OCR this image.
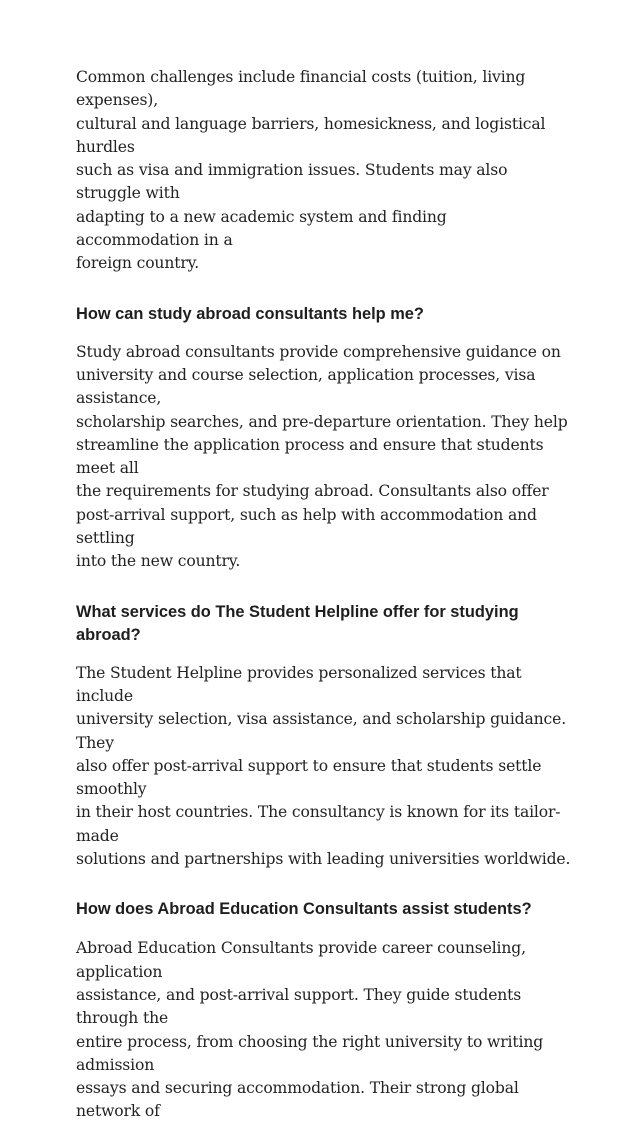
Common challenges include financial costs (tuition, living expenses),
cultural and language barriers, homesickness, and logistical hurdles
such as visa and immigration issues. Students may also struggle with
adapting to a new academic system and finding accommodation in a
foreign country.

How can study abroad consultants help me?

Study abroad consultants provide comprehensive guidance on
university and course selection, application processes, visa assistance,
scholarship searches, and pre-departure orientation. They help
streamline the application process and ensure that students meet all
the requirements for studying abroad. Consultants also offer
post-arrival support, such as help with accommodation and settling
into the new country.

What services do The Student Helpline offer for studying
abroad?

The Student Helpline provides personalized services that include
university selection, visa assistance, and scholarship guidance. They
also offer post-arrival support to ensure that students settle smoothly
in their host countries. The consultancy is known for its tailor-made
solutions and partnerships with leading universities worldwide.

How does Abroad Education Consultants assist students?

Abroad Education Consultants provide career counseling, application
assistance, and post-arrival support. They guide students through the
entire process, from choosing the right university to writing admission
essays and securing accommodation. Their strong global network of
